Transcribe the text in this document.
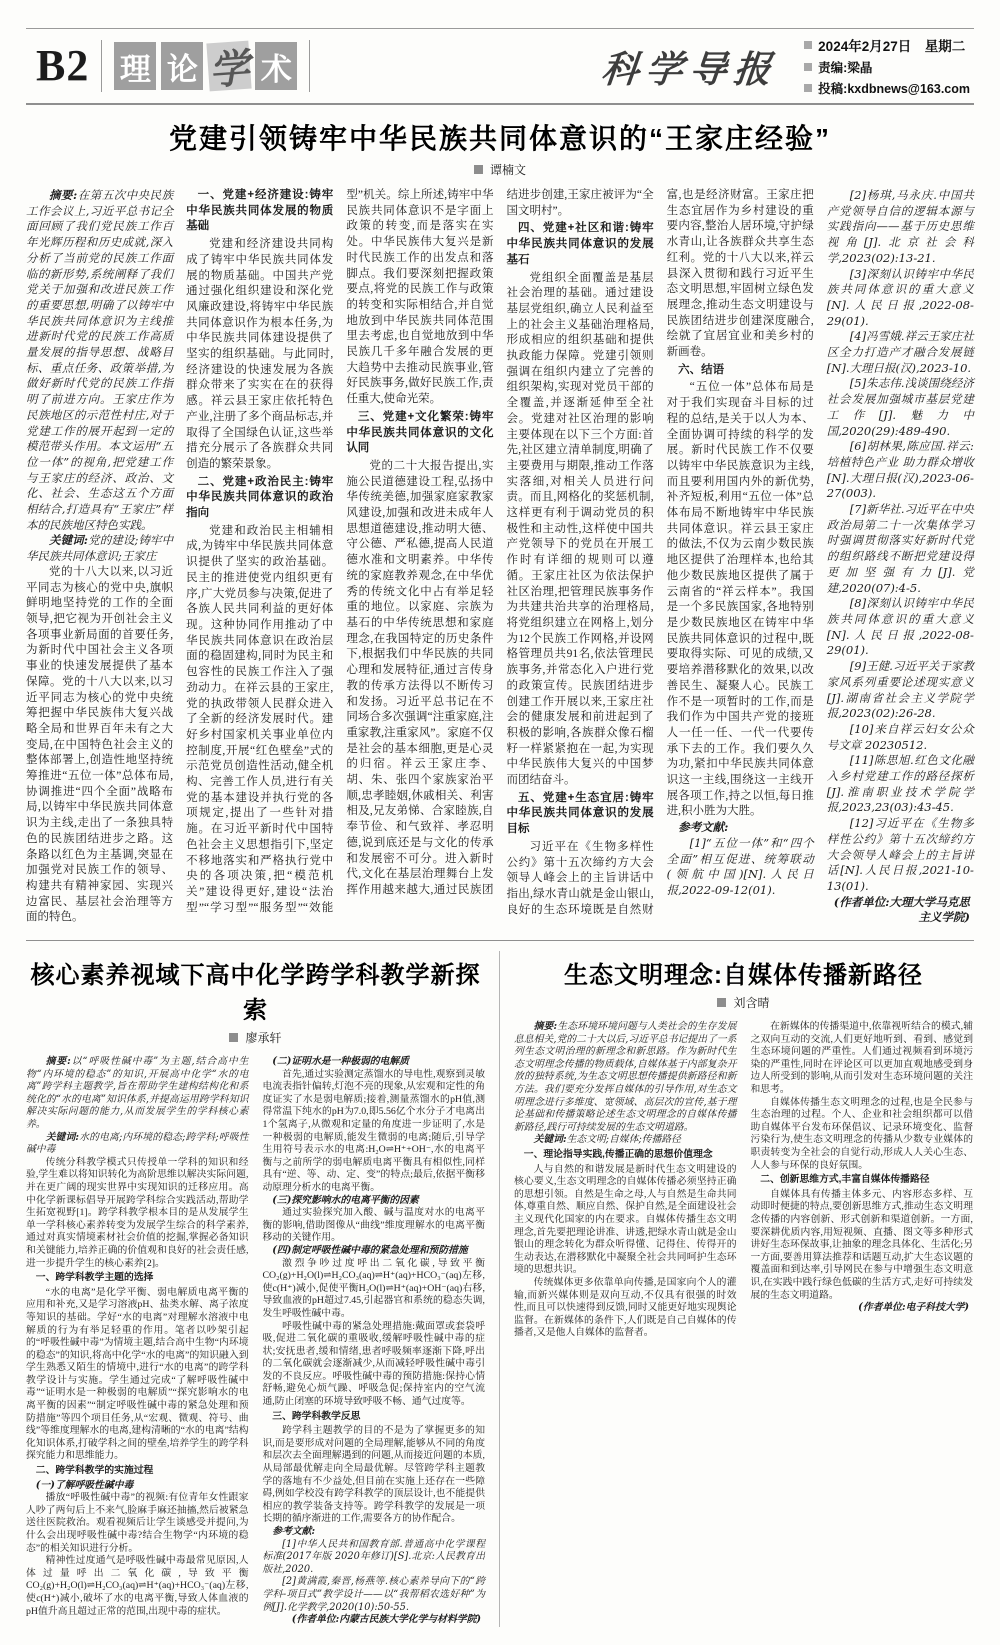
B2 理 论 学 术	科学导报
2024年2月27日　星期二
责编:梁晶
投稿:kxdbnews@163.com
党建引领铸牢中华民族共同体意识的“王家庄经验”
谭楠文

摘要:在第五次中央民族工作会议上,习近平总书记全面回顾了我们党民族工作百年光辉历程和历史成就,深入分析了当前党的民族工作面临的新形势,系统阐释了我们党关于加强和改进民族工作的重要思想,明确了以铸牢中华民族共同体意识为主线推进新时代党的民族工作高质量发展的指导思想、战略目标、重点任务、政策举措,为做好新时代党的民族工作指明了前进方向。王家庄作为民族地区的示范性村庄,对于党建工作的展开起到一定的模范带头作用。本文运用“五位一体”的视角,把党建工作与王家庄的经济、政治、文化、社会、生态这五个方面相结合,打造具有“王家庄”样本的民族地区特色实践。

关键词:党的建设;铸牢中华民族共同体意识;王家庄

党的十八大以来,以习近平同志为核心的党中央,旗帜鲜明地坚持党的工作的全面领导,把它视为开创社会主义各项事业新局面的首要任务,为新时代中国社会主义各项事业的快速发展提供了基本保障。党的十八大以来,以习近平同志为核心的党中央统筹把握中华民族伟大复兴战略全局和世界百年未有之大变局,在中国特色社会主义的整体部署上,创造性地坚持统筹推进“五位一体”总体布局,协调推进“四个全面”战略布局,以铸牢中华民族共同体意识为主线,走出了一条独具特色的民族团结进步之路。这条路以红色为主基调,突显在加强党对民族工作的领导、构建共有精神家园、实现兴边富民、基层社会治理等方面的特色。

一、党建+经济建设:铸牢中华民族共同体发展的物质基础

党建和经济建设共同构成了铸牢中华民族共同体发展的物质基础。中国共产党通过强化组织建设和深化党风廉政建设,将铸牢中华民族共同体意识作为根本任务,为中华民族共同体建设提供了坚实的组织基础。与此同时,经济建设的快速发展为各族群众带来了实实在在的获得感。祥云县王家庄依托特色产业,注册了多个商品标志,并取得了全国绿色认证,这些举措充分展示了各族群众共同创造的繁荣景象。

二、党建+政治民主:铸牢中华民族共同体意识的政治指向

党建和政治民主相辅相成,为铸牢中华民族共同体意识提供了坚实的政治基础。民主的推进使党内组织更有序,广大党员参与决策,促进了各族人民共同利益的更好体现。这种协同作用推动了中华民族共同体意识在政治层面的稳固建构,同时为民主和包容性的民族工作注入了强劲动力。在祥云县的王家庄,党的执政带领人民群众进入了全新的经济发展时代。建好乡村国家机关事业单位内控制度,开展“红色壁垒”式的示范党员创造性活动,健全机构、完善工作人员,进行有关党的基本建设并执行党的各项规定,提出了一些针对措施。在习近平新时代中国特色社会主义思想指引下,坚定不移地落实和严格执行党中央的各项决策,把“模范机关”建设得更好,建设“法治型”“学习型”“服务型”“效能型”机关。综上所述,铸牢中华民族共同体意识不是字面上政策的转变,而是落实在实处。中华民族伟大复兴是新时代民族工作的出发点和落脚点。我们要深刻把握政策要点,将党的民族工作与政策的转变和实际相结合,并自觉地放到中华民族共同体范围里去考虑,也自觉地放到中华民族几千多年融合发展的更大趋势中去推动民族事业,管好民族事务,做好民族工作,责任重大,使命光荣。

三、党建+文化繁荣:铸牢中华民族共同体意识的文化认同

党的二十大报告提出,实施公民道德建设工程,弘扬中华传统美德,加强家庭家教家风建设,加强和改进未成年人思想道德建设,推动明大德、守公德、严私德,提高人民道德水准和文明素养。中华传统的家庭教养观念,在中华优秀的传统文化中占有举足轻重的地位。以家庭、宗族为基石的中华传统思想和家庭理念,在我国特定的历史条件下,根据我们中华民族的共同心理和发展特征,通过言传身教的传承方法得以不断传习和发扬。习近平总书记在不同场合多次强调“注重家庭,注重家教,注重家风”。家庭不仅是社会的基本细胞,更是心灵的归宿。祥云王家庄李、胡、朱、张四个家族家治平顺,忠孝睦姻,休戚相关、利害相及,兄友弟悌、合家睦族,自奉节俭、和气致祥、孝忍明德,说到底还是与文化的传承和发展密不可分。进入新时代,文化在基层治理舞台上发挥作用越来越大,通过民族团结进步创建,王家庄被评为“全国文明村”。

四、党建+社区和谐:铸牢中华民族共同体意识的发展基石

党组织全面覆盖是基层社会治理的基础。通过建设基层党组织,确立人民利益至上的社会主义基础治理格局,形成相应的组织基础和提供执政能力保障。党建引领则强调在组织内建立了完善的组织架构,实现对党员干部的全覆盖,并逐渐延伸至全社会。党建对社区治理的影响主要体现在以下三个方面:首先,社区建立清单制度,明确了主要费用与期限,推动工作落实落细,对相关人员进行问责。而且,网格化的奖惩机制,这样更有利于调动党员的积极性和主动性,这样使中国共产党领导下的党员在开展工作时有详细的规则可以遵循。王家庄社区为依法保护社区治理,把管理民族事务作为共建共治共享的治理格局,将党组织建立在网格上,划分为12个民族工作网格,并设网格管理员共91名,依法管理民族事务,并常态化入户进行党的政策宣传。民族团结进步创建工作开展以来,王家庄社会的健康发展和前进起到了积极的影响,各族群众像石榴籽一样紧紧抱在一起,为实现中华民族伟大复兴的中国梦而团结奋斗。

五、党建+生态宜居:铸牢中华民族共同体意识的发展目标

习近平在《生物多样性公约》第十五次缔约方大会领导人峰会上的主旨讲话中指出,绿水青山就是金山银山,良好的生态环境既是自然财富,也是经济财富。王家庄把生态宜居作为乡村建设的重要内容,整治人居环境,守护绿水青山,让各族群众共享生态红利。党的十八大以来,祥云县深入贯彻和践行习近平生态文明思想,牢固树立绿色发展理念,推动生态文明建设与民族团结进步创建深度融合,绘就了宜居宜业和美乡村的新画卷。

六、结语

“五位一体”总体布局是对于我们实现奋斗目标的过程的总结,是关于以人为本、全面协调可持续的科学的发展。新时代民族工作不仅要以铸牢中华民族意识为主线,而且要利用国内外的新优势,补齐短板,利用“五位一体”总体布局不断地铸牢中华民族共同体意识。祥云县王家庄的做法,不仅为云南少数民族地区提供了治理样本,也给其他少数民族地区提供了属于云南省的“祥云样本”。我国是一个多民族国家,各地特别是少数民族地区在铸牢中华民族共同体意识的过程中,既要取得实际、可见的成绩,又要培养潜移默化的效果,以改善民生、凝聚人心。民族工作不是一项暂时的工作,而是我们作为中国共产党的接班人一任一任、一代一代要传承下去的工作。我们要久久为功,紧扣中华民族共同体意识这一主线,围绕这一主线开展各项工作,持之以恒,每日推进,积小胜为大胜。

参考文献:

[1]“五位一体”和“四个全面”相互促进、统筹联动(领航中国)[N].人民日报,2022-09-12(01).

[2]杨琪,马永庆.中国共产党领导自信的逻辑本源与实践指向——基于历史思维视角[J].北京社会科学,2023(02):13-21.

[3]深刻认识铸牢中华民族共同体意识的重大意义[N].人民日报,2022-08-29(01).

[4]冯雪娥.祥云王家庄社区全力打造产才融合发展链[N].大理日报(汉),2023-10.

[5]朱志伟.浅谈围绕经济社会发展加强城市基层党建工作[J].魅力中国,2020(29):489-490.

[6]胡林果,陈应国.祥云:培植特色产业 助力群众增收[N].大理日报(汉),2023-06-27(003).

[7]新华社.习近平在中央政治局第二十一次集体学习时强调贯彻落实好新时代党的组织路线不断把党建设得更加坚强有力[J].党建,2020(07):4-5.

[8]深刻认识铸牢中华民族共同体意识的重大意义[N].人民日报,2022-08-29(01).

[9]王健.习近平关于家教家风系列重要论述现实意义[J].湖南省社会主义学院学报,2023(02):26-28.

[10]来自祥云妇女公众号文章 20230512.

[11]陈思旭.红色文化融入乡村党建工作的路径探析[J].淮南职业技术学院学报,2023,23(03):43-45.

[12]习近平在《生物多样性公约》第十五次缔约方大会领导人峰会上的主旨讲话[N].人民日报,2021-10-13(01).

(作者单位:大理大学马克思主义学院)

核心素养视域下高中化学跨学科教学新探索
廖承轩

摘要:以“呼吸性碱中毒”为主题,结合高中生物“内环境的稳态”的知识,开展高中化学“水的电离”跨学科主题教学,旨在帮助学生建构结构化和系统化的“水的电离”知识体系,并提高运用跨学科知识解决实际问题的能力,从而发展学生的学科核心素养。

关键词:水的电离;内环境的稳态;跨学科;呼吸性碱中毒

传统分科教学模式只传授单一学科的知识和经验,学生难以将知识转化为高阶思维以解决实际问题,并在更广阔的现实世界中实现知识的迁移应用。高中化学新课标倡导开展跨学科综合实践活动,帮助学生拓宽视野[1]。跨学科教学根本目的是从发展学生单一学科核心素养转变为发展学生综合的科学素养,通过对真实情境素材社会价值的挖掘,掌握必备知识和关键能力,培养正确的价值观和良好的社会责任感,进一步提升学生的核心素养[2]。

一、跨学科教学主题的选择

“水的电离”是化学平衡、弱电解质电离平衡的应用和补充,又是学习溶液pH、盐类水解、离子浓度等知识的基础。学好“水的电离”对理解水溶液中电解质的行为有举足轻重的作用。笔者以吵架引起的“呼吸性碱中毒”为情境主题,结合高中生物“内环境的稳态”的知识,将高中化学“水的电离”的知识融入到学生熟悉又陌生的情境中,进行“水的电离”的跨学科教学设计与实施。学生通过完成“了解呼吸性碱中毒”“证明水是一种极弱的电解质”“探究影响水的电离平衡的因素”“制定呼吸性碱中毒的紧急处理和预防措施”等四个项目任务,从“宏观、微观、符号、曲线”等维度理解水的电离,建构清晰的“水的电离”结构化知识体系,打破学科之间的壁垒,培养学生的跨学科探究能力和思维能力。

二、跨学科教学的实施过程

(一)了解呼吸性碱中毒

播放“呼吸性碱中毒”的视频:有位青年女性跟家人吵了两句后上不来气,脸麻手麻还抽搐,然后被紧急送往医院救治。观看视频后让学生谈感受并提问,为什么会出现呼吸性碱中毒?结合生物学“内环境的稳态”的相关知识进行分析。

精神性过度通气是呼吸性碱中毒最常见原因,人体过量呼出二氧化碳,导致平衡CO₂(g)+H₂O(l)⇌H₂CO₃(aq)⇌H⁺(aq)+HCO₃⁻(aq)左移,使c(H⁺)减小,破坏了水的电离平衡,导致人体血液的pH值升高且超过正常的范围,出现中毒的症状。

(二)证明水是一种极弱的电解质

首先,通过实验测定蒸馏水的导电性,观察到灵敏电流表指针偏转,灯泡不亮的现象,从宏观和定性的角度证实了水是弱电解质;接着,测量蒸馏水的pH值,测得常温下纯水的pH为7.0,即5.56亿个水分子才电离出1个氢离子,从微观和定量的角度进一步证明了,水是一种极弱的电解质,能发生微弱的电离;随后,引导学生用符号表示水的电离:H₂O⇌H⁺+OH⁻,水的电离平衡与之前所学的弱电解质电离平衡具有相似性,同样具有“逆、等、动、定、变”的特点;最后,依据平衡移动原理分析水的电离平衡。

(三)探究影响水的电离平衡的因素

通过实验探究加入酸、碱与温度对水的电离平衡的影响,借助图像从“曲线”维度理解水的电离平衡移动的关键作用。

(四)制定呼吸性碱中毒的紧急处理和预防措施

激烈争吵过度呼出二氧化碳,导致平衡CO₂(g)+H₂O(l)⇌H₂CO₃(aq)⇌H⁺(aq)+HCO₃⁻(aq)左移,使c(H⁺)减小,促使平衡H₂O(l)⇌H⁺(aq)+OH⁻(aq)右移,导致血液的pH超过7.45,引起器官和系统的稳态失调,发生呼吸性碱中毒。

呼吸性碱中毒的紧急处理措施:戴面罩或套袋呼吸,促进二氧化碳的重吸收,缓解呼吸性碱中毒的症状;安抚患者,缓和情绪,患者呼吸频率逐渐下降,呼出的二氧化碳就会逐渐减少,从而减轻呼吸性碱中毒引发的不良反应。呼吸性碱中毒的预防措施:保持心情舒畅,避免心烦气躁、呼吸急促;保持室内的空气流通,防止闭塞的环境导致呼吸不畅、通气过度等。

三、跨学科教学反思

跨学科主题教学的目的不是为了掌握更多的知识,而是要形成对问题的全局理解,能够从不同的角度和层次去全面理解遇到的问题,从而接近问题的本质,从局部最优解走向全局最优解。尽管跨学科主题教学的落地有不少益处,但目前在实施上还存在一些障碍,例如学校没有跨学科教学的顶层设计,也不能提供相应的教学装备支持等。跨学科教学的发展是一项长期的循序渐进的工作,需要各方的协作配合。

参考文献:

[1]中华人民共和国教育部.普通高中化学课程标准(2017年版 2020年修订)[S].北京:人民教育出版社,2020.

[2]黄满霞,秦晋,杨燕等.核心素养导向下的“跨学科-项目式”教学设计——以“我帮稻农选好种”为例[J].化学教学,2020(10):50-55.

(作者单位:内蒙古民族大学化学与材料学院)

生态文明理念:自媒体传播新路径
刘含晴

摘要:生态环境环境问题与人类社会的生存发展息息相关,党的二十大以后,习近平总书记提出了一系列生态文明治理的新理念和新思路。作为新时代生态文明理念传播的物质载体,自媒体基于内部复杂开放的独特系统,为生态文明思想传播提供新路径和新方法。我们要充分发挥自媒体的引导作用,对生态文明理念进行多维度、宽领域、高层次的宣传,基于理论基础和传播策略论述生态文明理念的自媒体传播新路径,践行可持续发展的生态文明道路。

关键词:生态文明;自媒体;传播路径

一、理论指导实践,传播正确的思想价值理念

人与自然的和谐发展是新时代生态文明建设的核心要义,生态文明理念的自媒体传播必须坚持正确的思想引领。自然是生命之母,人与自然是生命共同体,尊重自然、顺应自然、保护自然,是全面建设社会主义现代化国家的内在要求。自媒体传播生态文明理念,首先要把理论讲准、讲透,把绿水青山就是金山银山的理念转化为群众听得懂、记得住、传得开的生动表达,在潜移默化中凝聚全社会共同呵护生态环境的思想共识。

传统媒体更多依靠单向传播,是国家向个人的灌输,而新兴媒体则是双向互动,不仅具有很强的时效性,而且可以快速得到反馈,同时又能更好地实现舆论监督。在新媒体的条件下,人们既是自己自媒体的传播者,又是他人自媒体的监督者。

在新媒体的传播渠道中,依靠视听结合的模式,辅之双向互动的交流,人们更好地听到、看到、感觉到生态环境问题的严重性。人们通过视频看到环境污染的严重性,同时在评论区可以更加直观地感受到身边人所受到的影响,从而引发对生态环境问题的关注和思考。

自媒体传播生态文明理念的过程,也是全民参与生态治理的过程。个人、企业和社会组织都可以借助自媒体平台发布环保倡议、记录环境变化、监督污染行为,使生态文明理念的传播从少数专业媒体的职责转变为全社会的自觉行动,形成人人关心生态、人人参与环保的良好氛围。

二、创新思维方式,丰富自媒体传播路径

自媒体具有传播主体多元、内容形态多样、互动即时便捷的特点,要创新思维方式,推动生态文明理念传播的内容创新、形式创新和渠道创新。一方面,要深耕优质内容,用短视频、直播、图文等多种形式讲好生态环保故事,让抽象的理念具体化、生活化;另一方面,要善用算法推荐和话题互动,扩大生态议题的覆盖面和到达率,引导网民在参与中增强生态文明意识,在实践中践行绿色低碳的生活方式,走好可持续发展的生态文明道路。

(作者单位:电子科技大学)
